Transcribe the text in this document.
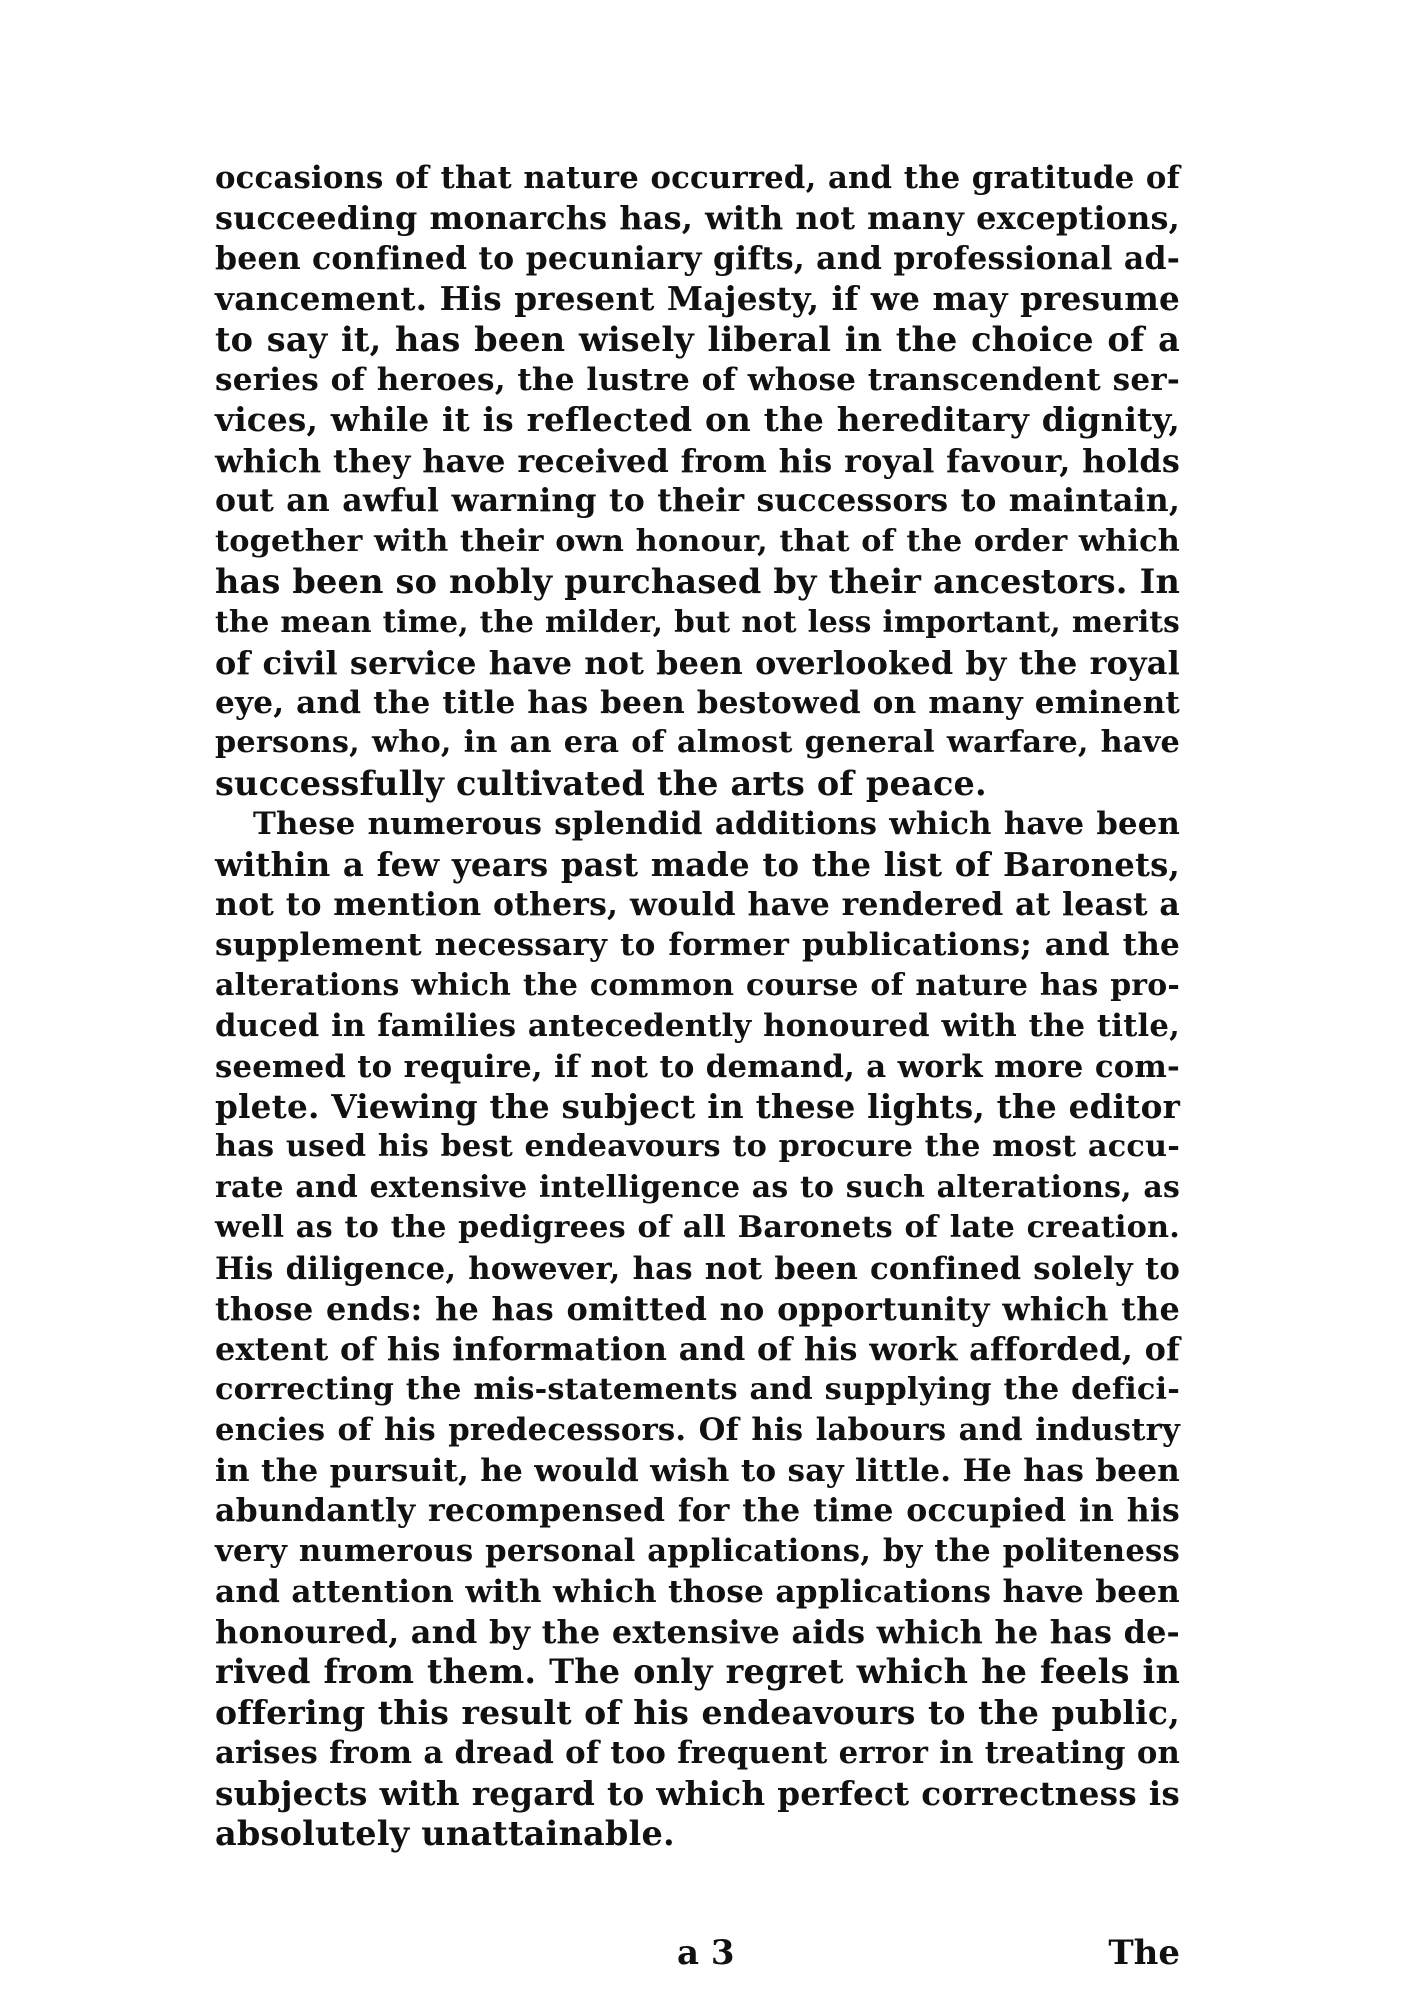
occasions of that nature occurred, and the gratitude of
succeeding monarchs has, with not many exceptions,
been confined to pecuniary gifts, and professional ad-
vancement. His present Majesty, if we may presume
to say it, has been wisely liberal in the choice of a
series of heroes, the lustre of whose transcendent ser-
vices, while it is reflected on the hereditary dignity,
which they have received from his royal favour, holds
out an awful warning to their successors to maintain,
together with their own honour, that of the order which
has been so nobly purchased by their ancestors. In
the mean time, the milder, but not less important, merits
of civil service have not been overlooked by the royal
eye, and the title has been bestowed on many eminent
persons, who, in an era of almost general warfare, have
successfully cultivated the arts of peace.
These numerous splendid additions which have been
within a few years past made to the list of Baronets,
not to mention others, would have rendered at least a
supplement necessary to former publications; and the
alterations which the common course of nature has pro-
duced in families antecedently honoured with the title,
seemed to require, if not to demand, a work more com-
plete. Viewing the subject in these lights, the editor
has used his best endeavours to procure the most accu-
rate and extensive intelligence as to such alterations, as
well as to the pedigrees of all Baronets of late creation.
His diligence, however, has not been confined solely to
those ends: he has omitted no opportunity which the
extent of his information and of his work afforded, of
correcting the mis-statements and supplying the defici-
encies of his predecessors. Of his labours and industry
in the pursuit, he would wish to say little. He has been
abundantly recompensed for the time occupied in his
very numerous personal applications, by the politeness
and attention with which those applications have been
honoured, and by the extensive aids which he has de-
rived from them. The only regret which he feels in
offering this result of his endeavours to the public,
arises from a dread of too frequent error in treating on
subjects with regard to which perfect correctness is
absolutely unattainable.
a 3	The
